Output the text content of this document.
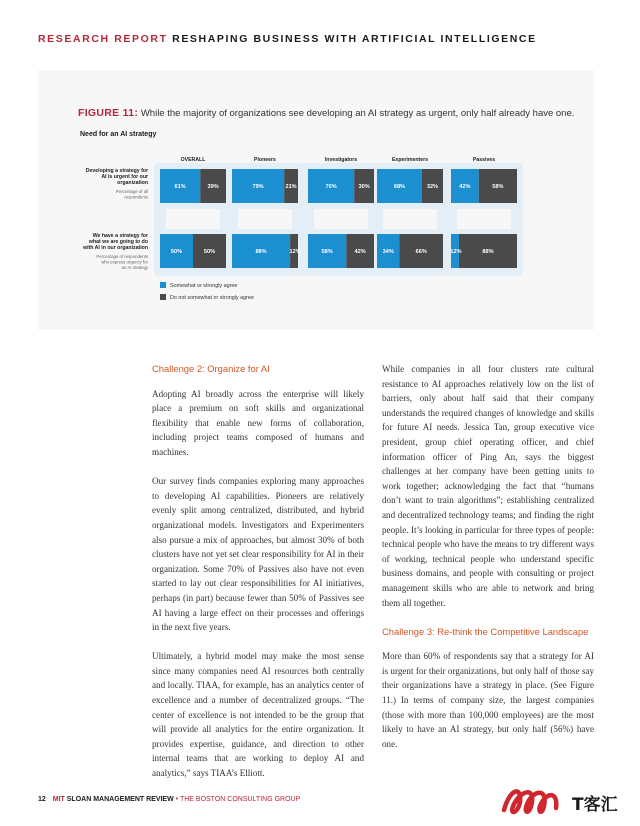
RESEARCH REPORT RESHAPING BUSINESS WITH ARTIFICIAL INTELLIGENCE
FIGURE 11: While the majority of organizations see developing an AI strategy as urgent, only half already have one.
Need for an AI strategy
OVERALL	Pioneers	Investigators	Experimenters	Passives
Developing a strategy for
AI is urgent for our
organization
Percentage of all
respondents
61%	39%	79%	21%	70%	30%	68%	32%	42%	58%
We have a strategy for
what we are going to do
with AI in our organization
Percentage of respondents
who express urgency for
an AI strategy
50%	50%	88%	12%	58%	42%	34%	66%	12%	88%
Somewhat or strongly agree
Do not somewhat or strongly agree
Challenge 2: Organize for AI

Adopting AI broadly across the enterprise will likely place a premium on soft skills and organizational flexibility that enable new forms of collaboration, including project teams composed of humans and machines.

Our survey finds companies exploring many approaches to developing AI capabilities. Pioneers are relatively evenly split among centralized, distributed, and hybrid organizational models. Investigators and Experimenters also pursue a mix of approaches, but almost 30% of both clusters have not yet set clear responsibility for AI in their organization. Some 70% of Passives also have not even started to lay out clear responsibilities for AI initiatives, perhaps (in part) because fewer than 50% of Passives see AI having a large effect on their processes and offerings in the next five years.

Ultimately, a hybrid model may make the most sense since many companies need AI resources both centrally and locally. TIAA, for example, has an analytics center of excellence and a number of decentralized groups. “The center of excellence is not intended to be the group that will provide all analytics for the entire organization. It provides expertise, guidance, and direction to other internal teams that are working to deploy AI and analytics,” says TIAA’s Elliott.

While companies in all four clusters rate cultural resistance to AI approaches relatively low on the list of barriers, only about half said that their company understands the required changes of knowledge and skills for future AI needs. Jessica Tan, group executive vice president, group chief operating officer, and chief information officer of Ping An, says the biggest challenges at her company have been getting units to work together; acknowledging the fact that “humans don’t want to train algorithms”; establishing centralized and decentralized technology teams; and finding the right people. It’s looking in particular for three types of people: technical people who have the means to try different ways of working, technical people who understand specific business domains, and people with consulting or project management skills who are able to network and bring them all together.

Challenge 3: Re-think the Competitive Landscape

More than 60% of respondents say that a strategy for AI is urgent for their organizations, but only half of those say their organizations have a strategy in place. (See Figure 11.) In terms of company size, the largest companies (those with more than 100,000 employees) are the most likely to have an AI strategy, but only half (56%) have one.

12 MIT SLOAN MANAGEMENT REVIEW • THE BOSTON CONSULTING GROUP	T客汇
